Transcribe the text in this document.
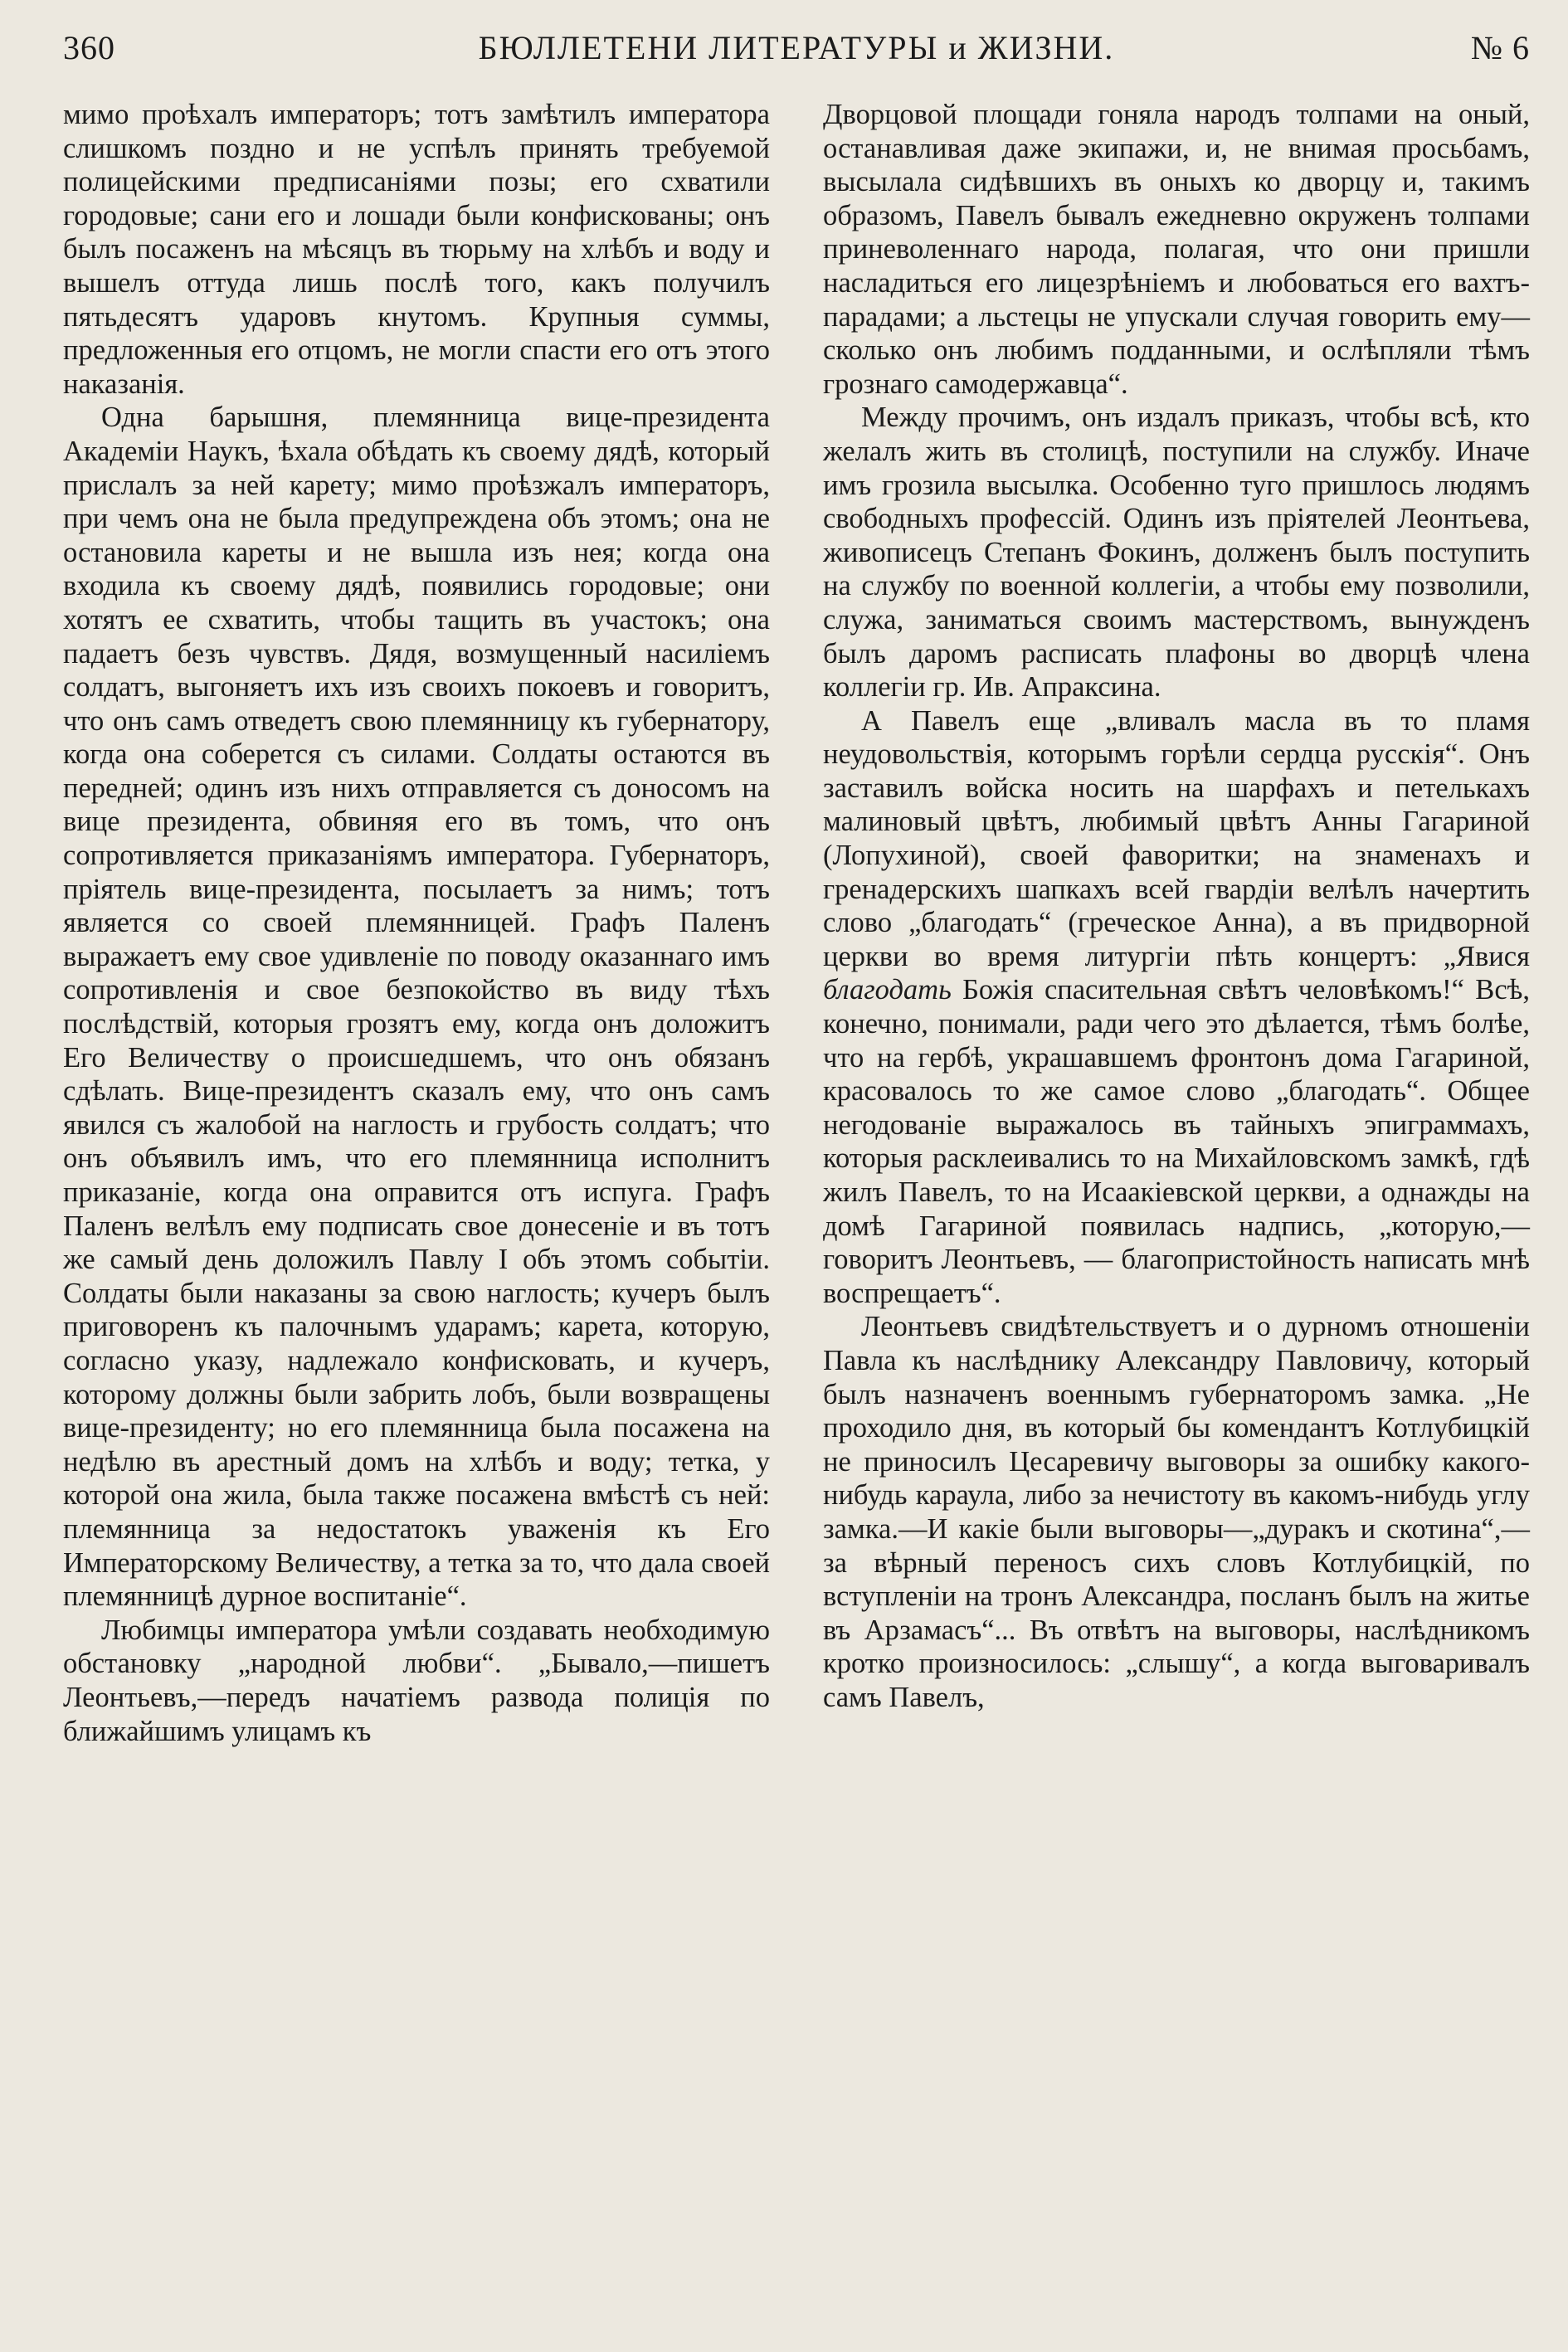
360	БЮЛЛЕТЕНИ ЛИТЕРАТУРЫ и ЖИЗНИ.	№ 6

мимо проѣхалъ императоръ; тотъ замѣтилъ императора слишкомъ поздно и не успѣлъ принять требуемой полицейскими предписаніями позы; его схватили городовые; сани его и лошади были конфискованы; онъ былъ посаженъ на мѣсяцъ въ тюрьму на хлѣбъ и воду и вышелъ оттуда лишь послѣ того, какъ получилъ пятьдесятъ ударовъ кнутомъ. Крупныя суммы, предложенныя его отцомъ, не могли спасти его отъ этого наказанія.

Одна барышня, племянница вице-президента Академіи Наукъ, ѣхала обѣдать къ своему дядѣ, который прислалъ за ней карету; мимо проѣзжалъ императоръ, при чемъ она не была предупреждена объ этомъ; она не остановила кареты и не вышла изъ нея; когда она входила къ своему дядѣ, появились городовые; они хотятъ ее схватить, чтобы тащить въ участокъ; она падаетъ безъ чувствъ. Дядя, возмущенный насиліемъ солдатъ, выгоняетъ ихъ изъ своихъ покоевъ и говоритъ, что онъ самъ отведетъ свою племянницу къ губернатору, когда она соберется съ силами. Солдаты остаются въ передней; одинъ изъ нихъ отправляется съ доносомъ на вице президента, обвиняя его въ томъ, что онъ сопротивляется приказаніямъ императора. Губернаторъ, пріятель вице-президента, посылаетъ за нимъ; тотъ является со своей племянницей. Графъ Паленъ выражаетъ ему свое удивленіе по поводу оказаннаго имъ сопротивленія и свое безпокойство въ виду тѣхъ послѣдствій, которыя грозятъ ему, когда онъ доложитъ Его Величеству о происшедшемъ, что онъ обязанъ сдѣлать. Вице-президентъ сказалъ ему, что онъ самъ явился съ жалобой на наглость и грубость солдатъ; что онъ объявилъ имъ, что его племянница исполнитъ приказаніе, когда она оправится отъ испуга. Графъ Паленъ велѣлъ ему подписать свое донесеніе и въ тотъ же самый день доложилъ Павлу I объ этомъ событіи. Солдаты были наказаны за свою наглость; кучеръ былъ приговоренъ къ палочнымъ ударамъ; карета, которую, согласно указу, надлежало конфисковать, и кучеръ, которому должны были забрить лобъ, были возвращены вице-президенту; но его племянница была посажена на недѣлю въ арестный домъ на хлѣбъ и воду; тетка, у которой она жила, была также посажена вмѣстѣ съ ней: племянница за недостатокъ уваженія къ Его Императорскому Величеству, а тетка за то, что дала своей племянницѣ дурное воспитаніе“.

Любимцы императора умѣли создавать необходимую обстановку „народной любви“. „Бывало,—пишетъ Леонтьевъ,—передъ начатіемъ развода полиція по ближайшимъ улицамъ къ

Дворцовой площади гоняла народъ толпами на оный, останавливая даже экипажи, и, не внимая просьбамъ, высылала сидѣвшихъ въ оныхъ ко дворцу и, такимъ образомъ, Павелъ бывалъ ежедневно окруженъ толпами приневоленнаго народа, полагая, что они пришли насладиться его лицезрѣніемъ и любоваться его вахтъ-парадами; а льстецы не упускали случая говорить ему—сколько онъ любимъ подданными, и ослѣпляли тѣмъ грознаго самодержавца“.

Между прочимъ, онъ издалъ приказъ, чтобы всѣ, кто желалъ жить въ столицѣ, поступили на службу. Иначе имъ грозила высылка. Особенно туго пришлось людямъ свободныхъ профессій. Одинъ изъ пріятелей Леонтьева, живописецъ Степанъ Фокинъ, долженъ былъ поступить на службу по военной коллегіи, а чтобы ему позволили, служа, заниматься своимъ мастерствомъ, вынужденъ былъ даромъ расписать плафоны во дворцѣ члена коллегіи гр. Ив. Апраксина.

А Павелъ еще „вливалъ масла въ то пламя неудовольствія, которымъ горѣли сердца русскія“. Онъ заставилъ войска носить на шарфахъ и петелькахъ малиновый цвѣтъ, любимый цвѣтъ Анны Гагариной (Лопухиной), своей фаворитки; на знаменахъ и гренадерскихъ шапкахъ всей гвардіи велѣлъ начертить слово „благодать“ (греческое Анна), а въ придворной церкви во время литургіи пѣть концертъ: „Явися благодать Божія спасительная свѣтъ человѣкомъ!“ Всѣ, конечно, понимали, ради чего это дѣлается, тѣмъ болѣе, что на гербѣ, украшавшемъ фронтонъ дома Гагариной, красовалось то же самое слово „благодать“. Общее негодованіе выражалось въ тайныхъ эпиграммахъ, которыя расклеивались то на Михайловскомъ замкѣ, гдѣ жилъ Павелъ, то на Исаакіевской церкви, а однажды на домѣ Гагариной появилась надпись, „которую,—говоритъ Леонтьевъ, — благопристойность написать мнѣ воспрещаетъ“.

Леонтьевъ свидѣтельствуетъ и о дурномъ отношеніи Павла къ наслѣднику Александру Павловичу, который былъ назначенъ военнымъ губернаторомъ замка. „Не проходило дня, въ который бы комендантъ Котлубицкій не приносилъ Цесаревичу выговоры за ошибку какого-нибудь караула, либо за нечистоту въ какомъ-нибудь углу замка.—И какіе были выговоры—„дуракъ и скотина“,— за вѣрный переносъ сихъ словъ Котлубицкій, по вступленіи на тронъ Александра, посланъ былъ на житье въ Арзамасъ“... Въ отвѣтъ на выговоры, наслѣдникомъ кротко произносилось: „слышу“, а когда выговаривалъ самъ Павелъ,
